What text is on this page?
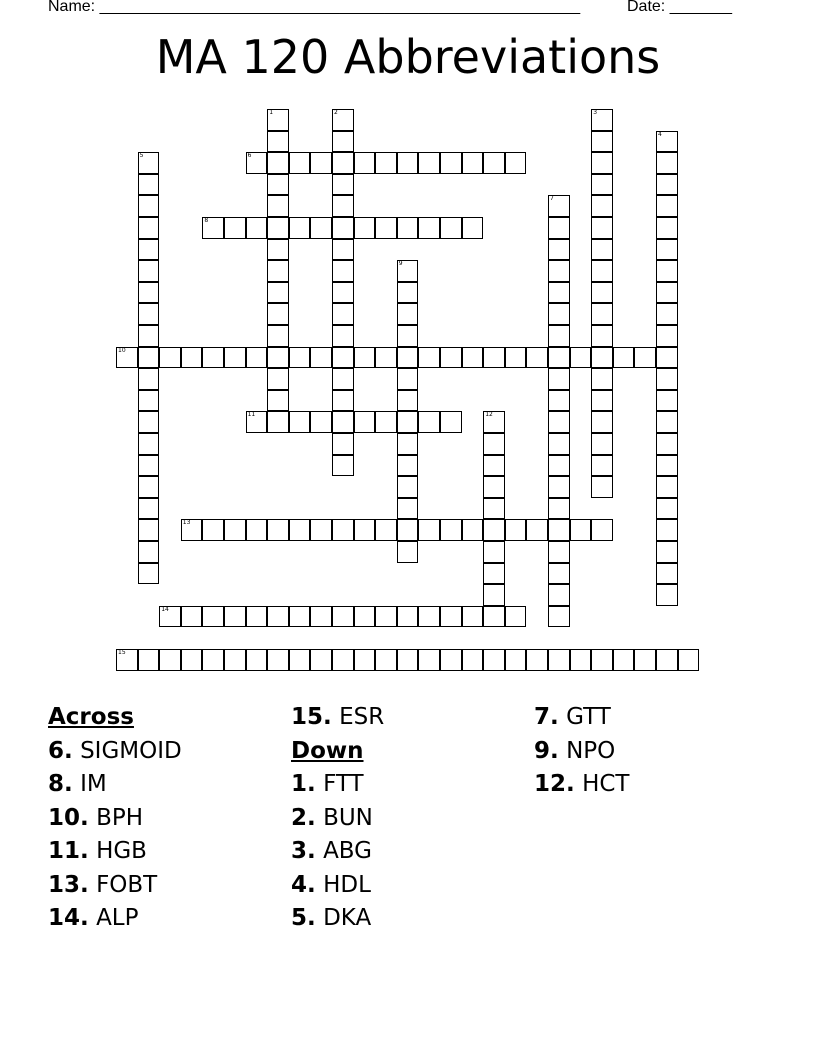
Name: ______________________________________________________	Date: _______
MA 120 Abbreviations
1	2	3
4
5	6
7
8
9
10
11	12
13
14
15
Across
6. SIGMOID
8. IM
10. BPH
11. HGB
13. FOBT
14. ALP
15. ESR
Down
1. FTT
2. BUN
3. ABG
4. HDL
5. DKA
7. GTT
9. NPO
12. HCT
